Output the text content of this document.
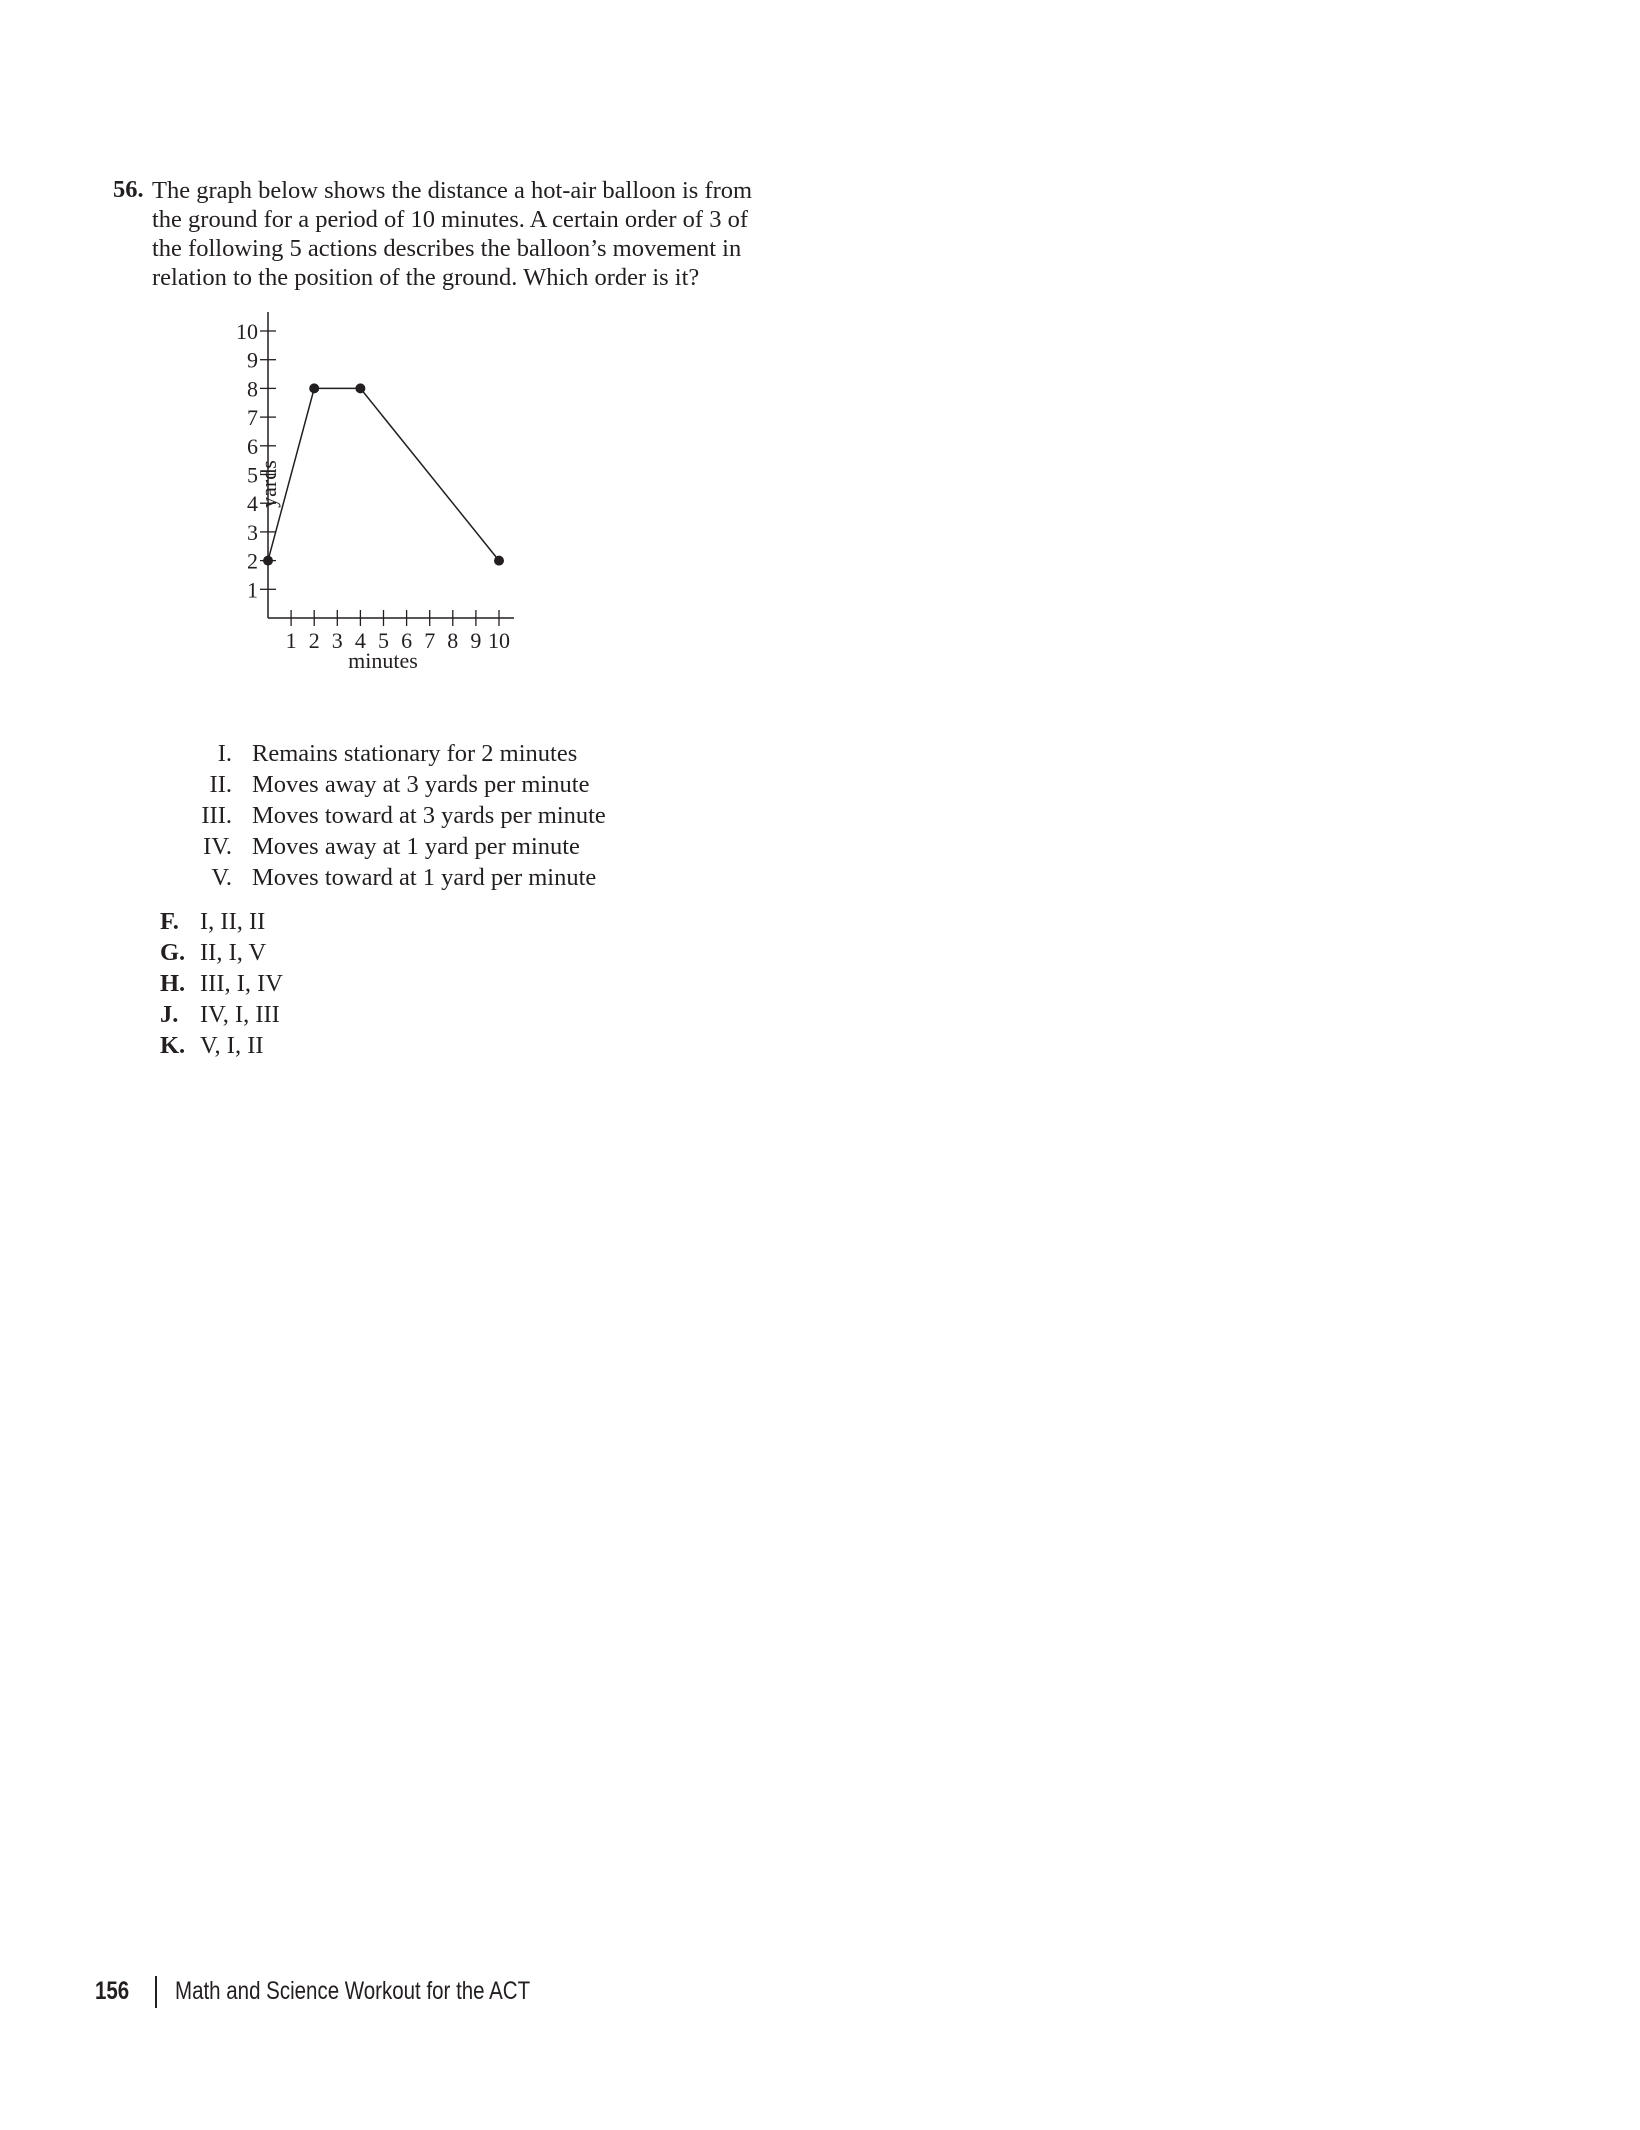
56. The graph below shows the distance a hot-air balloon is from
the ground for a period of 10 minutes. A certain order of 3 of
the following 5 actions describes the balloon’s movement in
relation to the position of the ground. Which order is it?
1
2
3
4
5
6
7
8
9
10
1 2 3 4 5 6 7 8 9 10
yards
minutes
I. Remains stationary for 2 minutes
II. Moves away at 3 yards per minute
III. Moves toward at 3 yards per minute
IV. Moves away at 1 yard per minute
V. Moves toward at 1 yard per minute
F. I, II, II
G. II, I, V
H. III, I, IV
J. IV, I, III
K. V, I, II
156 Math and Science Workout for the ACT
